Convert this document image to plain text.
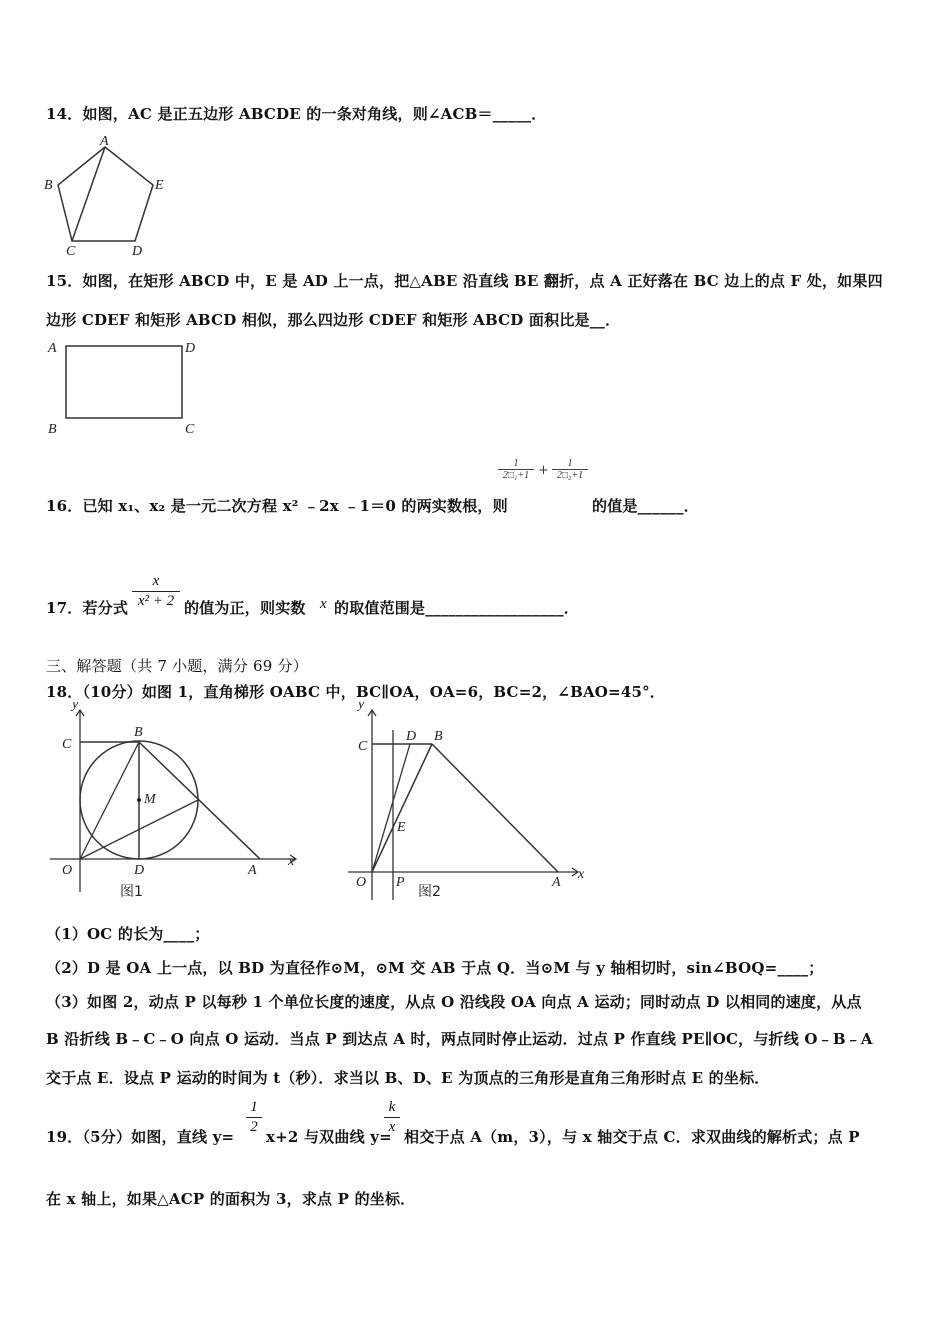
14．如图，AC 是正五边形 ABCDE 的一条对角线，则∠ACB＝_____．
A
B
C	D
E
15．如图，在矩形 ABCD 中，E 是 AD 上一点，把△ABE 沿直线 BE 翻折，点 A 正好落在 BC 边上的点 F 处，如果四
边形 CDEF 和矩形 ABCD 相似，那么四边形 CDEF 和矩形 ABCD 面积比是__．
A	D
B	C
1
2□₁+1 +	1
2□₂+1
16．已知 x₁、x₂ 是一元二次方程 x² ﹣2x ﹣1＝0 的两实数根，则	的值是______．
17．若分式
x
x² + 2 的值为正，则实数 x 的取值范围是__________________．
三、解答题（共 7 小题，满分 69 分）
18．（10分）如图 1，直角梯形 OABC 中，BC∥OA，OA=6，BC=2，∠BAO=45°．
y
x
C
B
M
O	D	A
图1
y
x
C
D B
E
O P	A
图2
（1）OC 的长为____；
（2）D 是 OA 上一点，以 BD 为直径作⊙M，⊙M 交 AB 于点 Q．当⊙M 与 y 轴相切时，sin∠BOQ=____；
（3）如图 2，动点 P 以每秒 1 个单位长度的速度，从点 O 沿线段 OA 向点 A 运动；同时动点 D 以相同的速度，从点
B 沿折线 B﹣C﹣O 向点 O 运动．当点 P 到达点 A 时，两点同时停止运动．过点 P 作直线 PE∥OC，与折线 O﹣B﹣A
交于点 E．设点 P 运动的时间为 t（秒）．求当以 B、D、E 为顶点的三角形是直角三角形时点 E 的坐标．
19．（5分）如图，直线 y=
1
2
x+2 与双曲线 y=
k
x
相交于点 A（m，3），与 x 轴交于点 C．求双曲线的解析式；点 P
在 x 轴上，如果△ACP 的面积为 3，求点 P 的坐标．
